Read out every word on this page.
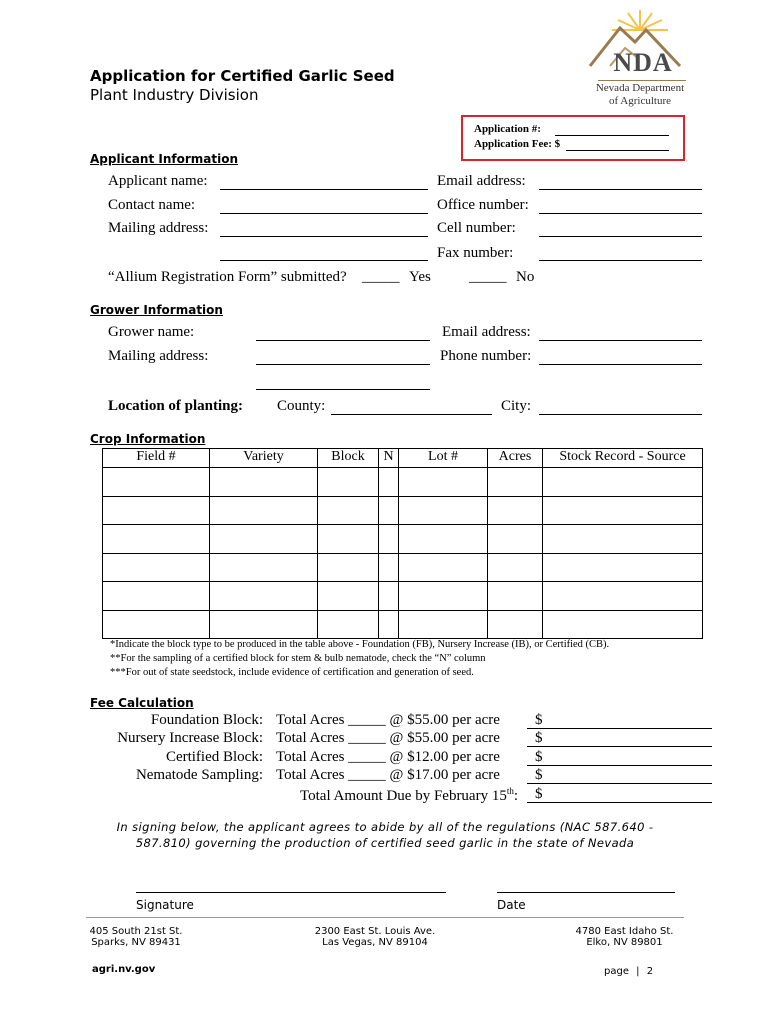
NDA
Nevada Department
of Agriculture
Application for Certified Garlic Seed
Plant Industry Division
Application #:
Application Fee: $
Applicant Information
Applicant name:	Email address:
Contact name:	Office number:
Mailing address:	Cell number:
Fax number:
“Allium Registration Form” submitted? _____ Yes	_____ No
Grower Information
Grower name:	Email address:
Mailing address:	Phone number:
Location of planting: County:	City:
Crop Information
Field #	Variety	Block	N	Lot #	Acres	Stock Record - Source

*Indicate the block type to be produced in the table above - Foundation (FB), Nursery Increase (IB), or Certified (CB).
**For the sampling of a certified block for stem & bulb nematode, check the “N” column
***For out of state seedstock, include evidence of certification and generation of seed.
Fee Calculation
Foundation Block: Total Acres _____ @ $55.00 per acre $
Nursery Increase Block: Total Acres _____ @ $55.00 per acre $
Certified Block: Total Acres _____ @ $12.00 per acre $
Nematode Sampling: Total Acres _____ @ $17.00 per acre $
Total Amount Due by February 15th: $
In signing below, the applicant agrees to abide by all of the regulations (NAC 587.640 -
587.810) governing the production of certified seed garlic in the state of Nevada
Signature	Date
405 South 21st St.
Sparks, NV 89431
2300 East St. Louis Ave.
Las Vegas, NV 89104
4780 East Idaho St.
Elko, NV 89801
agri.nv.gov	page | 2
